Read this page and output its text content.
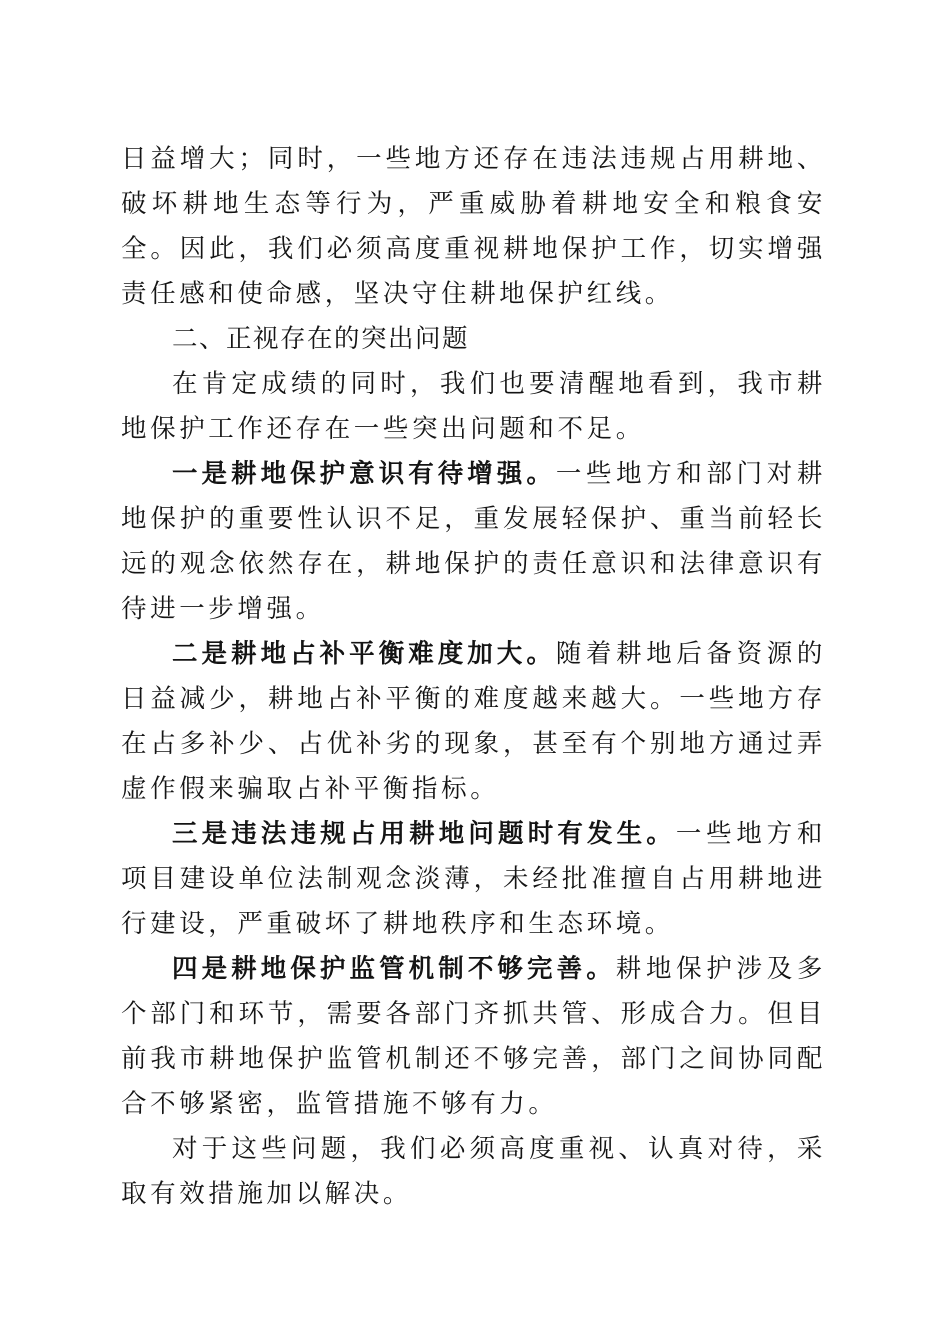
日益增大；同时，一些地方还存在违法违规占用耕地、破坏耕地生态等行为，严重威胁着耕地安全和粮食安全。因此，我们必须高度重视耕地保护工作，切实增强责任感和使命感，坚决守住耕地保护红线。

二、正视存在的突出问题

在肯定成绩的同时，我们也要清醒地看到，我市耕地保护工作还存在一些突出问题和不足。

一是耕地保护意识有待增强。一些地方和部门对耕地保护的重要性认识不足，重发展轻保护、重当前轻长远的观念依然存在，耕地保护的责任意识和法律意识有待进一步增强。

二是耕地占补平衡难度加大。随着耕地后备资源的日益减少，耕地占补平衡的难度越来越大。一些地方存在占多补少、占优补劣的现象，甚至有个别地方通过弄虚作假来骗取占补平衡指标。

三是违法违规占用耕地问题时有发生。一些地方和项目建设单位法制观念淡薄，未经批准擅自占用耕地进行建设，严重破坏了耕地秩序和生态环境。

四是耕地保护监管机制不够完善。耕地保护涉及多个部门和环节，需要各部门齐抓共管、形成合力。但目前我市耕地保护监管机制还不够完善，部门之间协同配合不够紧密，监管措施不够有力。

对于这些问题，我们必须高度重视、认真对待，采取有效措施加以解决。
